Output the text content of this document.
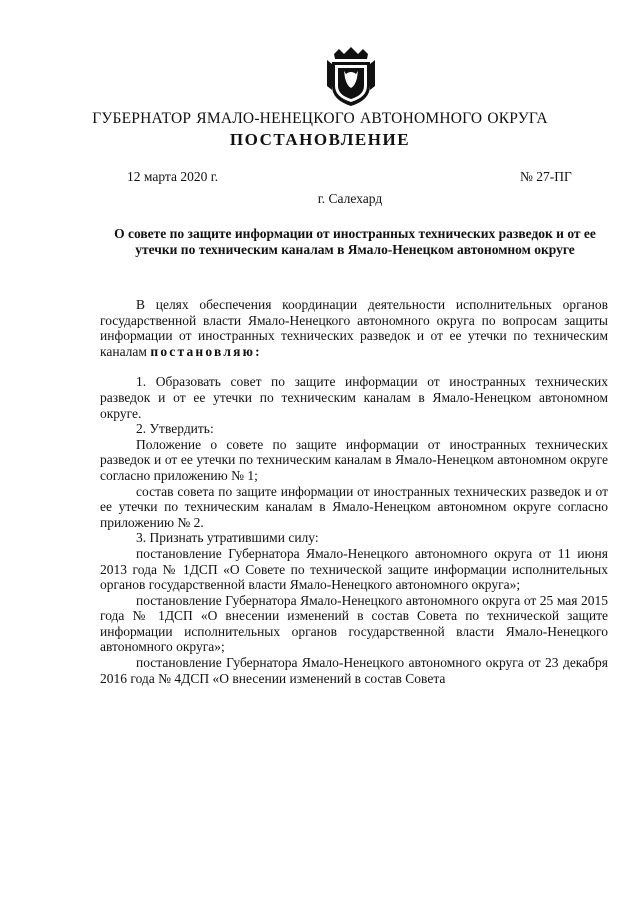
ГУБЕРНАТОР ЯМАЛО-НЕНЕЦКОГО АВТОНОМНОГО ОКРУГА
ПОСТАНОВЛЕНИЕ
12 марта 2020 г.	№ 27-ПГ
г. Салехард
О совете по защите информации от иностранных технических разведок и от ее утечки по техническим каналам в Ямало-Ненецком автономном округе

В целях обеспечения координации деятельности исполнительных органов государственной власти Ямало-Ненецкого автономного округа по вопросам защиты информации от иностранных технических разведок и от ее утечки по техническим каналам постановляю:

1. Образовать совет по защите информации от иностранных технических разведок и от ее утечки по техническим каналам в Ямало-Ненецком автономном округе.

2. Утвердить:

Положение о совете по защите информации от иностранных технических разведок и от ее утечки по техническим каналам в Ямало-Ненецком автономном округе согласно приложению № 1;

состав совета по защите информации от иностранных технических разведок и от ее утечки по техническим каналам в Ямало-Ненецком автономном округе согласно приложению № 2.

3. Признать утратившими силу:

постановление Губернатора Ямало-Ненецкого автономного округа от 11 июня 2013 года № 1ДСП «О Совете по технической защите информации исполнительных органов государственной власти Ямало-Ненецкого автономного округа»;

постановление Губернатора Ямало-Ненецкого автономного округа от 25 мая 2015 года № 1ДСП «О внесении изменений в состав Совета по технической защите информации исполнительных органов государственной власти Ямало-Ненецкого автономного округа»;

постановление Губернатора Ямало-Ненецкого автономного округа от 23 декабря 2016 года № 4ДСП «О внесении изменений в состав Совета
